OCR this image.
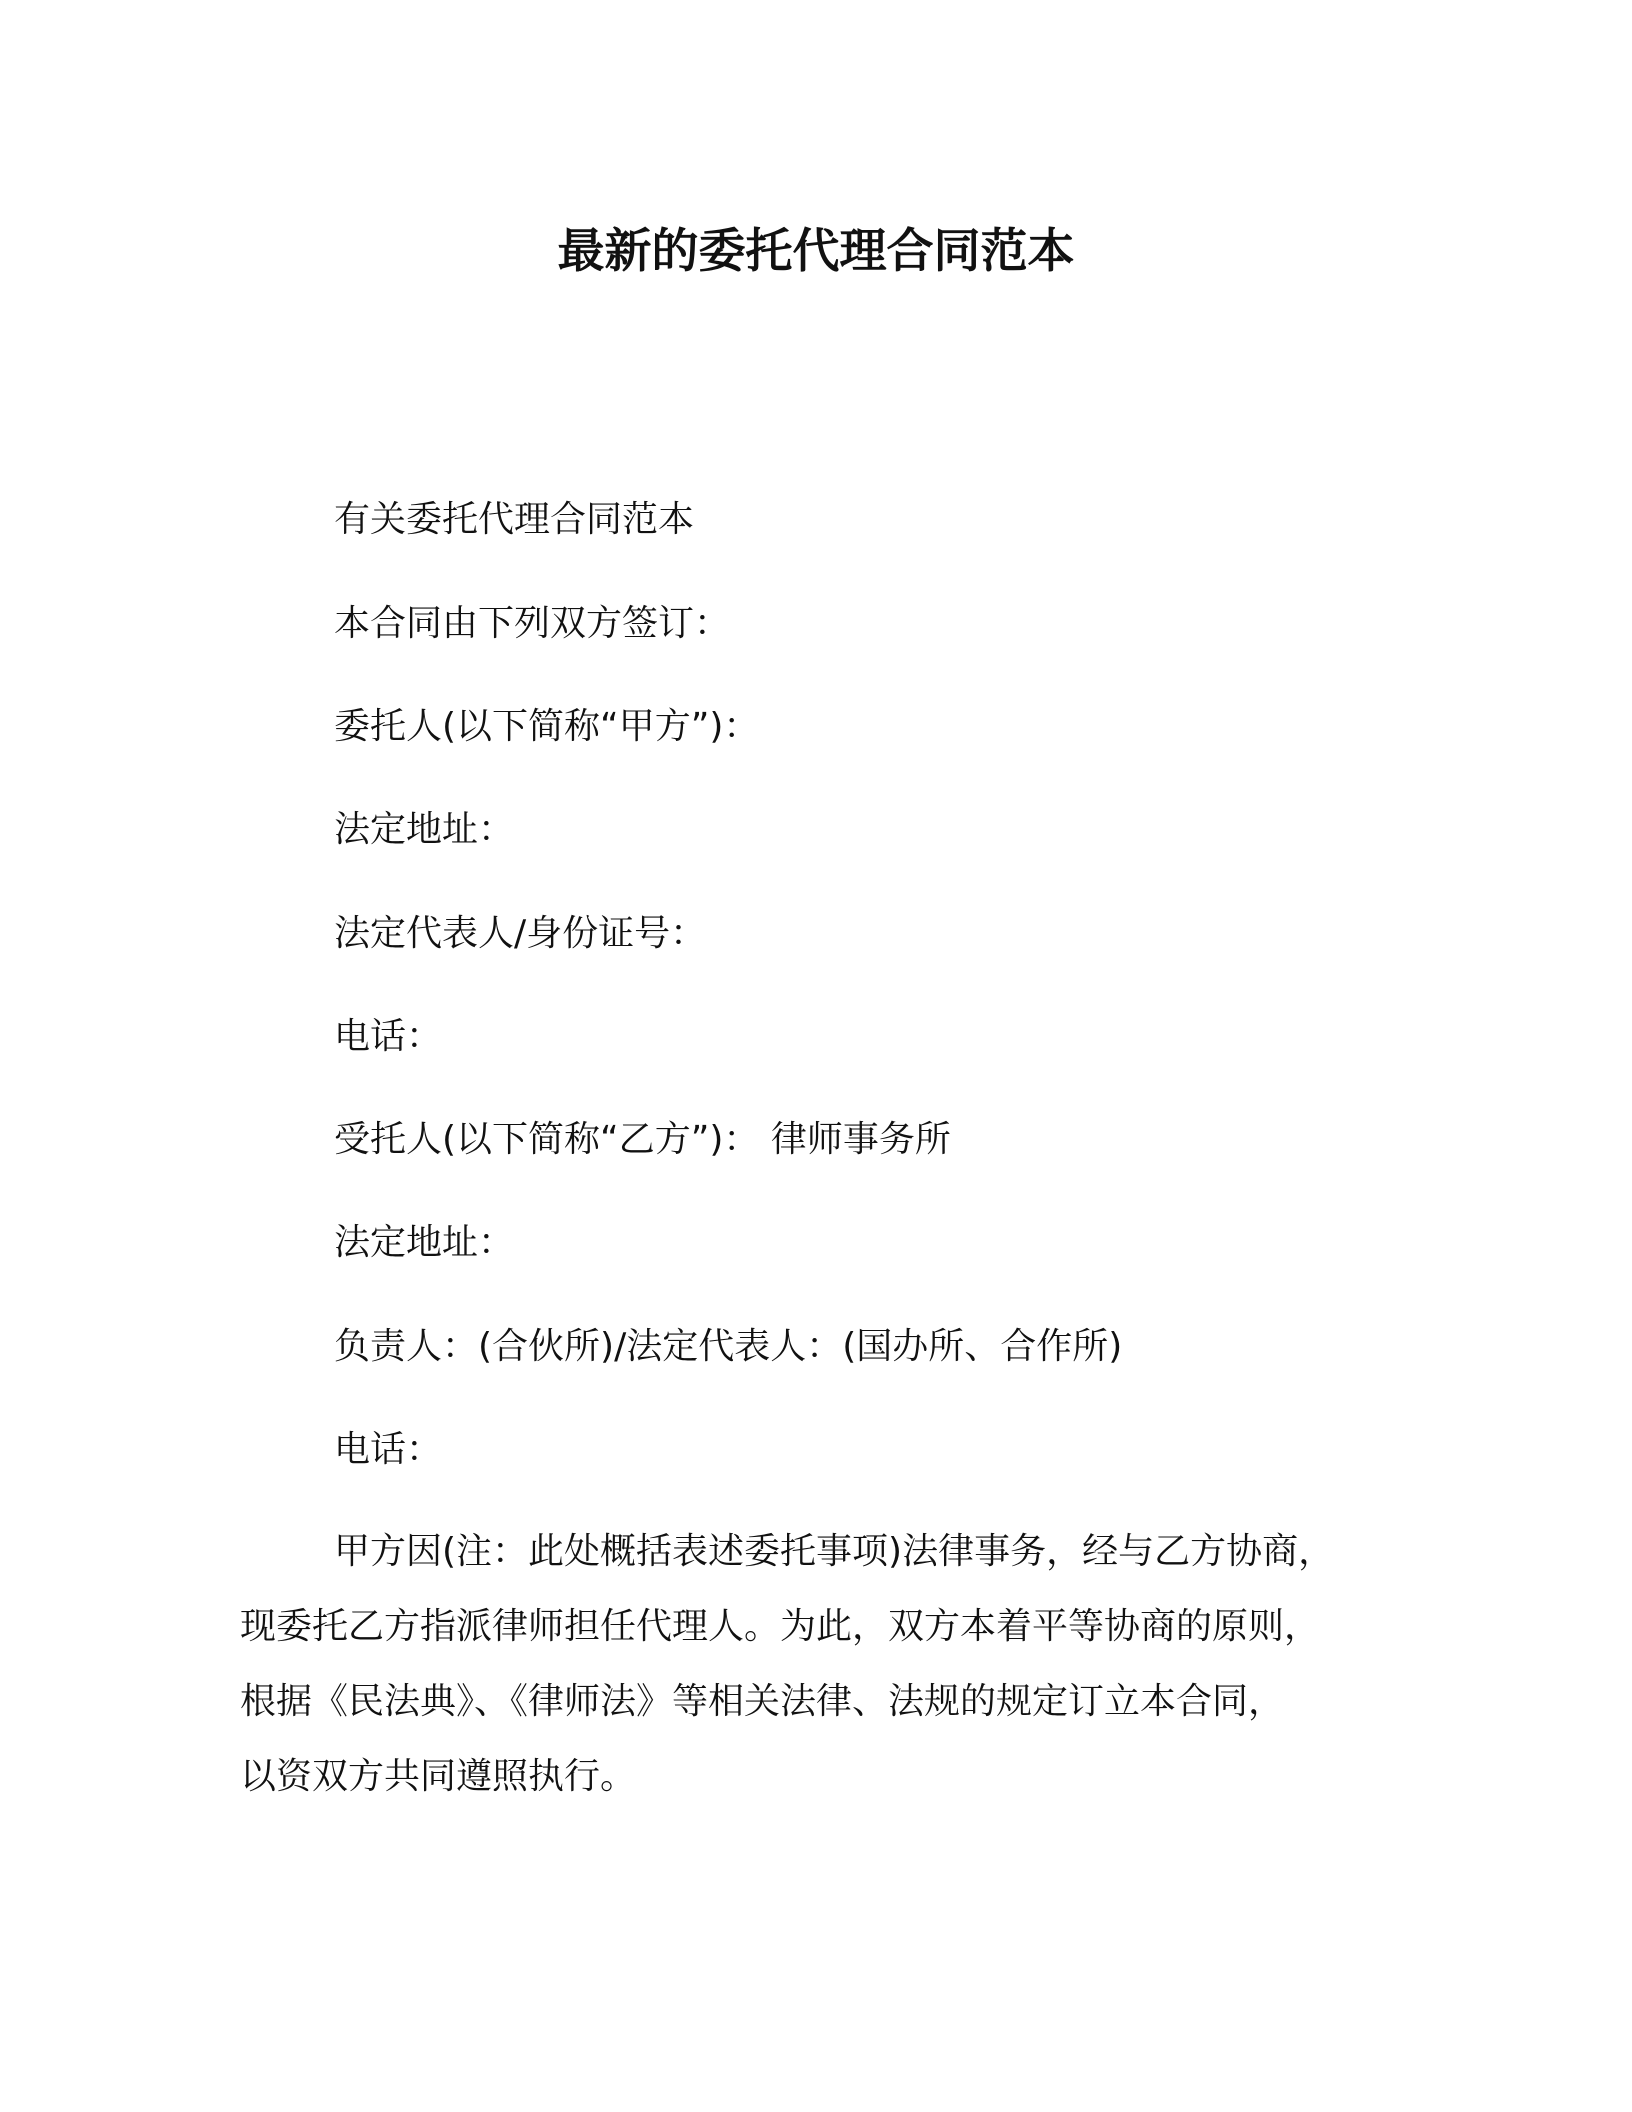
最新的委托代理合同范本
有关委托代理合同范本
本合同由下列双方签订：
委托人(以下简称“甲方”)：
法定地址：
法定代表人/身份证号：
电话：
受托人(以下简称“乙方”)： 律师事务所
法定地址：
负责人：(合伙所)/法定代表人：(国办所、合作所)
电话：
甲方因(注：此处概括表述委托事项)法律事务，经与乙方协商，
现委托乙方指派律师担任代理人。为此，双方本着平等协商的原则，
根据《民法典》、《律师法》等相关法律、法规的规定订立本合同，
以资双方共同遵照执行。
